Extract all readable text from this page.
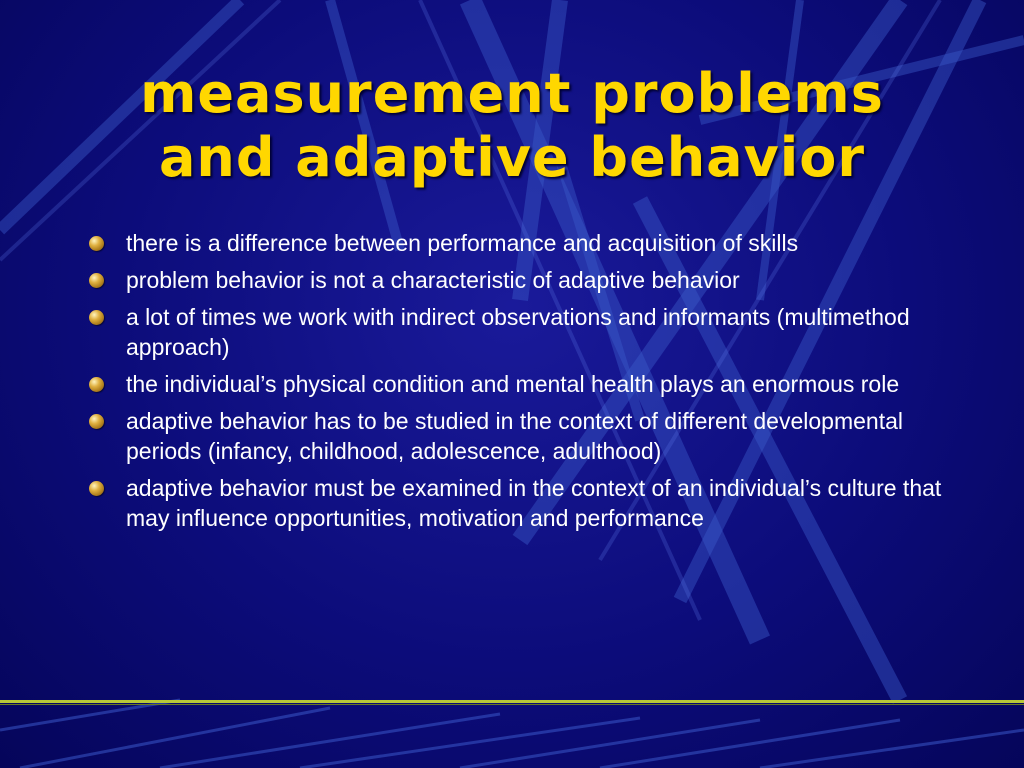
measurement problems
and adaptive behavior
there is a difference between performance and acquisition of skills
problem behavior is not a characteristic of adaptive behavior
a lot of times we work with indirect observations and informants (multimethod approach)
the individual’s physical condition and mental health plays an enormous role
adaptive behavior has to be studied in the context of different developmental periods (infancy, childhood, adolescence, adulthood)
adaptive behavior must be examined in the context of an individual’s culture that may influence opportunities, motivation and performance
